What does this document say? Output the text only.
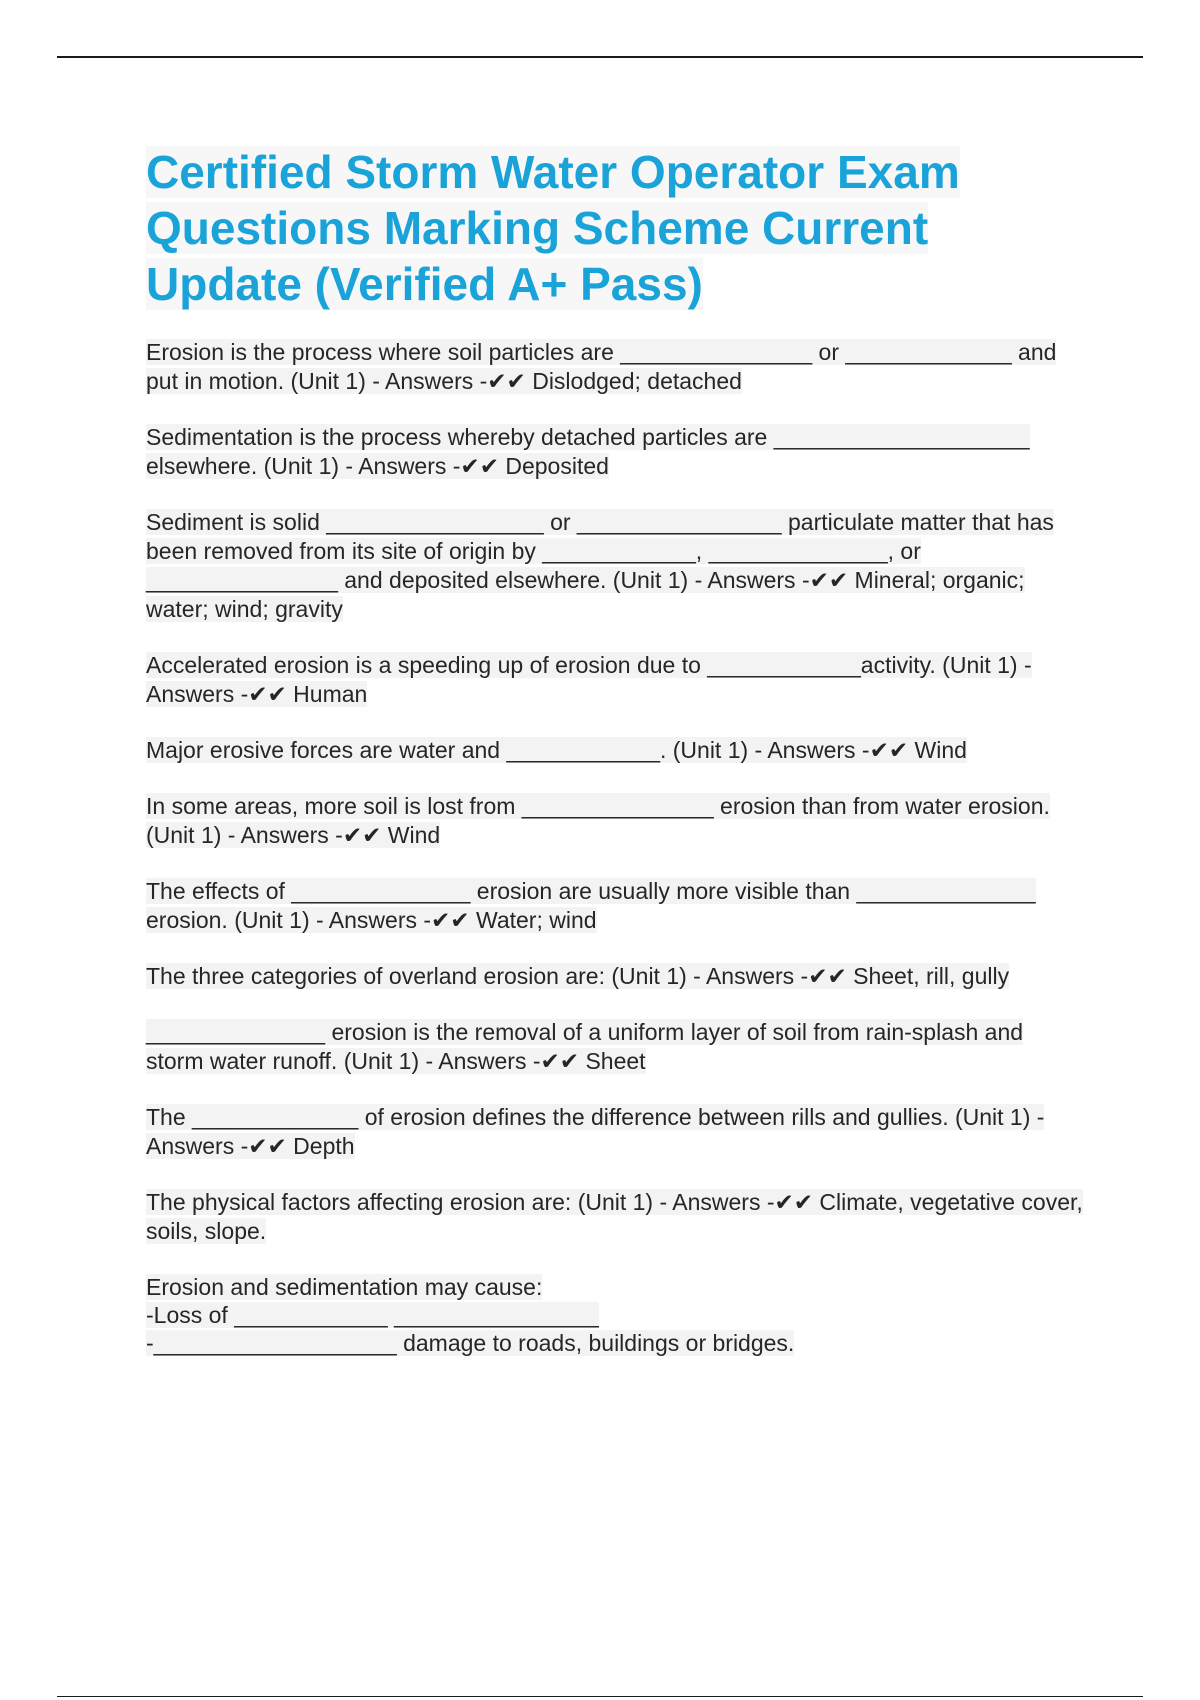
Certified Storm Water Operator Exam Questions Marking Scheme Current Update (Verified A+ Pass)

Erosion is the process where soil particles are _______________ or _____________ and put in motion. (Unit 1) - Answers -✔✔ Dislodged; detached

Sedimentation is the process whereby detached particles are ____________________ elsewhere. (Unit 1) - Answers -✔✔ Deposited

Sediment is solid _________________ or ________________ particulate matter that has been removed from its site of origin by ____________, ______________, or _______________ and deposited elsewhere. (Unit 1) - Answers -✔✔ Mineral; organic; water; wind; gravity

Accelerated erosion is a speeding up of erosion due to ____________activity. (Unit 1) - Answers -✔✔ Human

Major erosive forces are water and ____________. (Unit 1) - Answers -✔✔ Wind

In some areas, more soil is lost from _______________ erosion than from water erosion. (Unit 1) - Answers -✔✔ Wind

The effects of ______________ erosion are usually more visible than ______________ erosion. (Unit 1) - Answers -✔✔ Water; wind

The three categories of overland erosion are: (Unit 1) - Answers -✔✔ Sheet, rill, gully

______________ erosion is the removal of a uniform layer of soil from rain-splash and storm water runoff. (Unit 1) - Answers -✔✔ Sheet

The _____________ of erosion defines the difference between rills and gullies. (Unit 1) - Answers -✔✔ Depth

The physical factors affecting erosion are: (Unit 1) - Answers -✔✔ Climate, vegetative cover, soils, slope.

Erosion and sedimentation may cause:
-Loss of ____________ ________________
-___________________ damage to roads, buildings or bridges.
